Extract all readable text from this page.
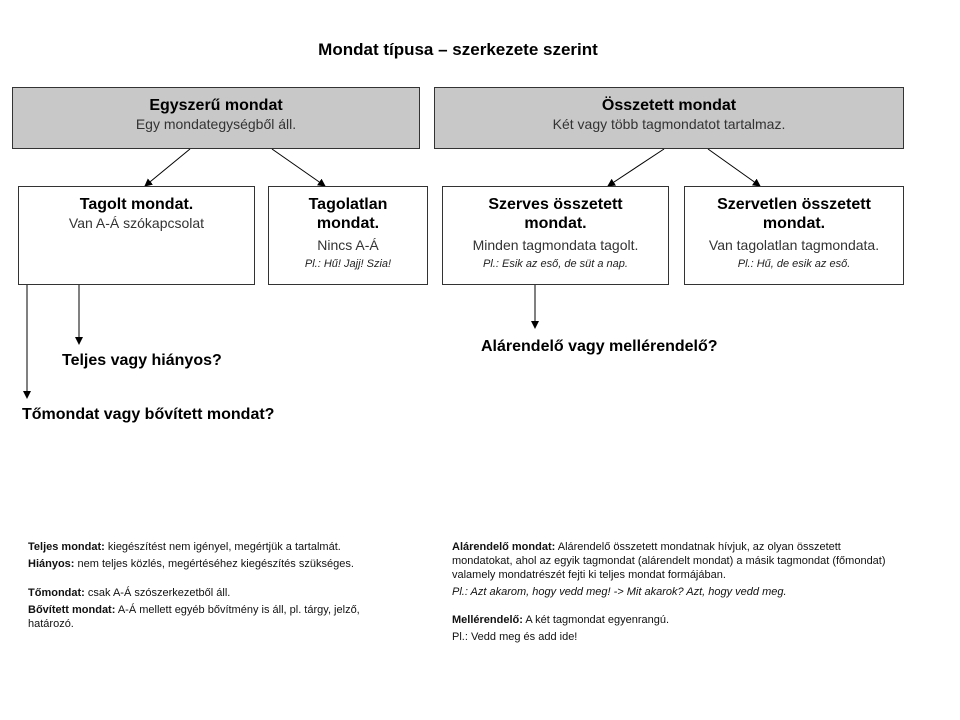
Mondat típusa – szerkezete szerint
Egyszerű mondat
Egy mondategységből áll.
Összetett mondat
Két vagy több tagmondatot tartalmaz.
Tagolt mondat.
Van A-Á szókapcsolat
Tagolatlan
mondat.
Nincs A-Á
Pl.: Hű! Jajj! Szia!
Szerves összetett
mondat.
Minden tagmondata tagolt.
Pl.: Esik az eső, de süt a nap.
Szervetlen összetett
mondat.
Van tagolatlan tagmondata.
Pl.: Hű, de esik az eső.
Teljes vagy hiányos?
Tőmondat vagy bővített mondat?
Alárendelő vagy mellérendelő?
Teljes mondat: kiegészítést nem igényel, megértjük a tartalmát.
Hiányos: nem teljes közlés, megértéséhez kiegészítés szükséges.
Tőmondat: csak A-Á szószerkezetből áll.
Bővített mondat: A-Á mellett egyéb bővítmény is áll, pl. tárgy, jelző, határozó.
Alárendelő mondat: Alárendelő összetett mondatnak hívjuk, az olyan összetett mondatokat, ahol az egyik tagmondat (alárendelt mondat) a másik tagmondat (főmondat) valamely mondatrészét fejti ki teljes mondat formájában.
Pl.: Azt akarom, hogy vedd meg! -> Mit akarok? Azt, hogy vedd meg.
Mellérendelő: A két tagmondat egyenrangú.
Pl.: Vedd meg és add ide!
